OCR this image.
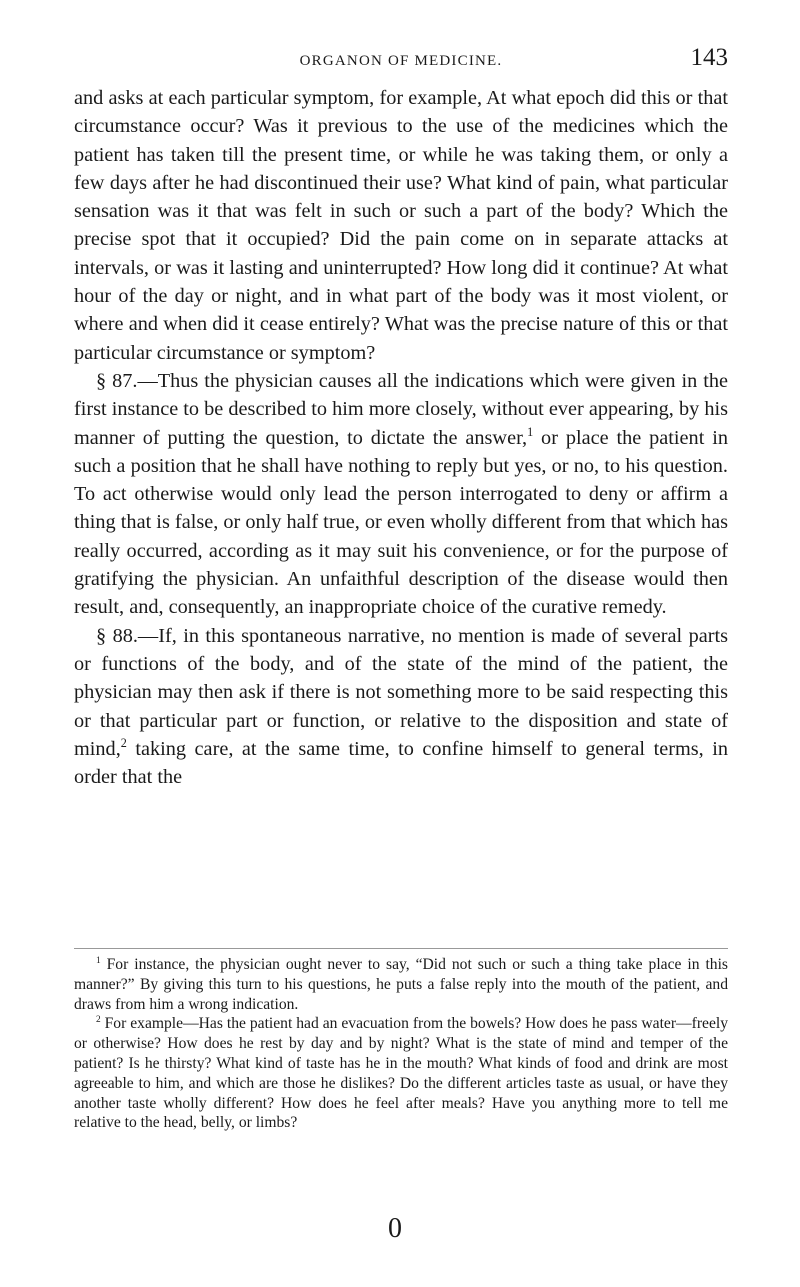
ORGANON OF MEDICINE.	143

and asks at each particular symptom, for example, At what epoch did this or that circumstance occur? Was it previous to the use of the medicines which the patient has taken till the present time, or while he was taking them, or only a few days after he had discontinued their use? What kind of pain, what particular sensation was it that was felt in such or such a part of the body? Which the precise spot that it occupied? Did the pain come on in separate attacks at intervals, or was it lasting and uninterrupted? How long did it continue? At what hour of the day or night, and in what part of the body was it most violent, or where and when did it cease entirely? What was the precise nature of this or that particular circumstance or symptom?

§ 87.—Thus the physician causes all the indications which were given in the first instance to be described to him more closely, without ever appearing, by his manner of putting the question, to dictate the answer,$^1$ or place the patient in such a position that he shall have nothing to reply but yes, or no, to his question. To act otherwise would only lead the person interrogated to deny or affirm a thing that is false, or only half true, or even wholly different from that which has really occurred, according as it may suit his convenience, or for the purpose of gratifying the physician. An unfaithful description of the disease would then result, and, consequently, an inappropriate choice of the curative remedy.

§ 88.—If, in this spontaneous narrative, no mention is made of several parts or functions of the body, and of the state of the mind of the patient, the physician may then ask if there is not something more to be said respecting this or that particular part or function, or relative to the disposition and state of mind,$^2$ taking care, at the same time, to confine himself to general terms, in order that the

$^1$ For instance, the physician ought never to say, “Did not such or such a thing take place in this manner?” By giving this turn to his questions, he puts a false reply into the mouth of the patient, and draws from him a wrong indication.

$^2$ For example—Has the patient had an evacuation from the bowels? How does he pass water—freely or otherwise? How does he rest by day and by night? What is the state of mind and temper of the patient? Is he thirsty? What kind of taste has he in the mouth? What kinds of food and drink are most agreeable to him, and which are those he dislikes? Do the different articles taste as usual, or have they another taste wholly different? How does he feel after meals? Have you anything more to tell me relative to the head, belly, or limbs?

0
